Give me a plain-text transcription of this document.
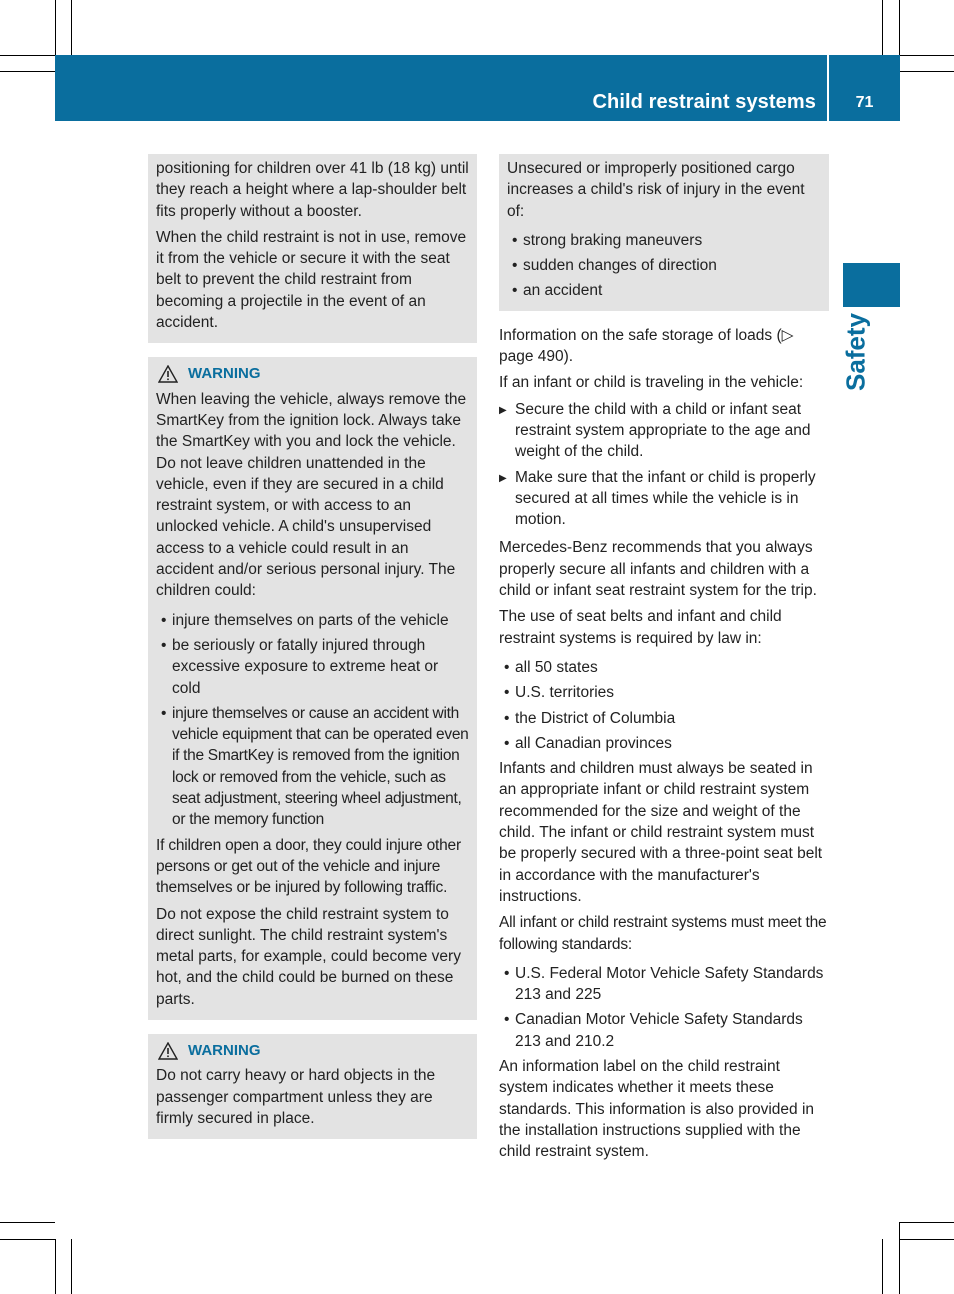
Child restraint systems	71
Safety

positioning for children over 41 lb (18 kg) until they reach a height where a lap-shoulder belt fits properly without a booster.

When the child restraint is not in use, remove it from the vehicle or secure it with the seat belt to prevent the child restraint from becoming a projectile in the event of an accident.

WARNING

When leaving the vehicle, always remove the SmartKey from the ignition lock. Always take the SmartKey with you and lock the vehicle. Do not leave children unattended in the vehicle, even if they are secured in a child restraint system, or with access to an unlocked vehicle. A child's unsupervised access to a vehicle could result in an accident and/or serious personal injury. The children could:

• injure themselves on parts of the vehicle
• be seriously or fatally injured through excessive exposure to extreme heat or cold
• injure themselves or cause an accident with vehicle equipment that can be operated even if the SmartKey is removed from the ignition lock or removed from the vehicle, such as seat adjustment, steering wheel adjustment, or the memory function

If children open a door, they could injure other persons or get out of the vehicle and injure themselves or be injured by following traffic.

Do not expose the child restraint system to direct sunlight. The child restraint system's metal parts, for example, could become very hot, and the child could be burned on these parts.

WARNING

Do not carry heavy or hard objects in the passenger compartment unless they are firmly secured in place.

Unsecured or improperly positioned cargo increases a child's risk of injury in the event of:

• strong braking maneuvers
• sudden changes of direction
• an accident

Information on the safe storage of loads (▷ page 490).

If an infant or child is traveling in the vehicle:

▶ Secure the child with a child or infant seat restraint system appropriate to the age and weight of the child.
▶ Make sure that the infant or child is properly secured at all times while the vehicle is in motion.

Mercedes-Benz recommends that you always properly secure all infants and children with a child or infant seat restraint system for the trip.

The use of seat belts and infant and child restraint systems is required by law in:

• all 50 states
• U.S. territories
• the District of Columbia
• all Canadian provinces

Infants and children must always be seated in an appropriate infant or child restraint system recommended for the size and weight of the child. The infant or child restraint system must be properly secured with a three-point seat belt in accordance with the manufacturer's instructions.

All infant or child restraint systems must meet the following standards:

• U.S. Federal Motor Vehicle Safety Standards 213 and 225
• Canadian Motor Vehicle Safety Standards 213 and 210.2

An information label on the child restraint system indicates whether it meets these standards. This information is also provided in the installation instructions supplied with the child restraint system.
